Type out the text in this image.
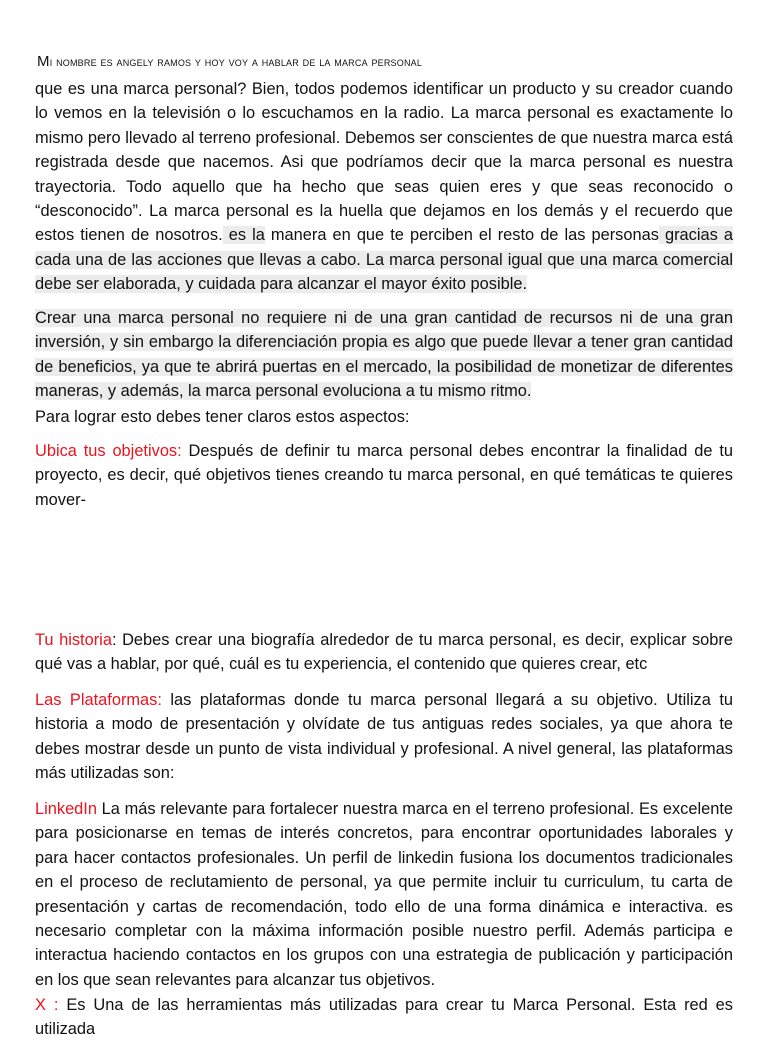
Mi nombre es angely ramos y hoy voy a hablar de la marca personal

que es una marca personal? Bien, todos podemos identificar un producto y su creador cuando lo vemos en la televisión o lo escuchamos en la radio. La marca personal es exactamente lo mismo pero llevado al terreno profesional. Debemos ser conscientes de que nuestra marca está registrada desde que nacemos. Asi que podríamos decir que la marca personal es nuestra trayectoria. Todo aquello que ha hecho que seas quien eres y que seas reconocido o “desconocido”. La marca personal es la huella que dejamos en los demás y el recuerdo que estos tienen de nosotros. es la manera en que te perciben el resto de las personas gracias a cada una de las acciones que llevas a cabo. La marca personal igual que una marca comercial debe ser elaborada, y cuidada para alcanzar el mayor éxito posible.

Crear una marca personal no requiere ni de una gran cantidad de recursos ni de una gran inversión, y sin embargo la diferenciación propia es algo que puede llevar a tener gran cantidad de beneficios, ya que te abrirá puertas en el mercado, la posibilidad de monetizar de diferentes maneras, y además, la marca personal evoluciona a tu mismo ritmo.

Para lograr esto debes tener claros estos aspectos:

Ubica tus objetivos: Después de definir tu marca personal debes encontrar la finalidad de tu proyecto, es decir, qué objetivos tienes creando tu marca personal, en qué temáticas te quieres mover-

Tu historia: Debes crear una biografía alrededor de tu marca personal, es decir, explicar sobre qué vas a hablar, por qué, cuál es tu experiencia, el contenido que quieres crear, etc

Las Plataformas: las plataformas donde tu marca personal llegará a su objetivo. Utiliza tu historia a modo de presentación y olvídate de tus antiguas redes sociales, ya que ahora te debes mostrar desde un punto de vista individual y profesional. A nivel general, las plataformas más utilizadas son:

LinkedIn La más relevante para fortalecer nuestra marca en el terreno profesional. Es excelente para posicionarse en temas de interés concretos, para encontrar oportunidades laborales y para hacer contactos profesionales. Un perfil de linkedin fusiona los documentos tradicionales en el proceso de reclutamiento de personal, ya que permite incluir tu curriculum, tu carta de presentación y cartas de recomendación, todo ello de una forma dinámica e interactiva. es necesario completar con la máxima información posible nuestro perfil. Además participa e interactua haciendo contactos en los grupos con una estrategia de publicación y participación en los que sean relevantes para alcanzar tus objetivos.

X : Es Una de las herramientas más utilizadas para crear tu Marca Personal. Esta red es utilizada
